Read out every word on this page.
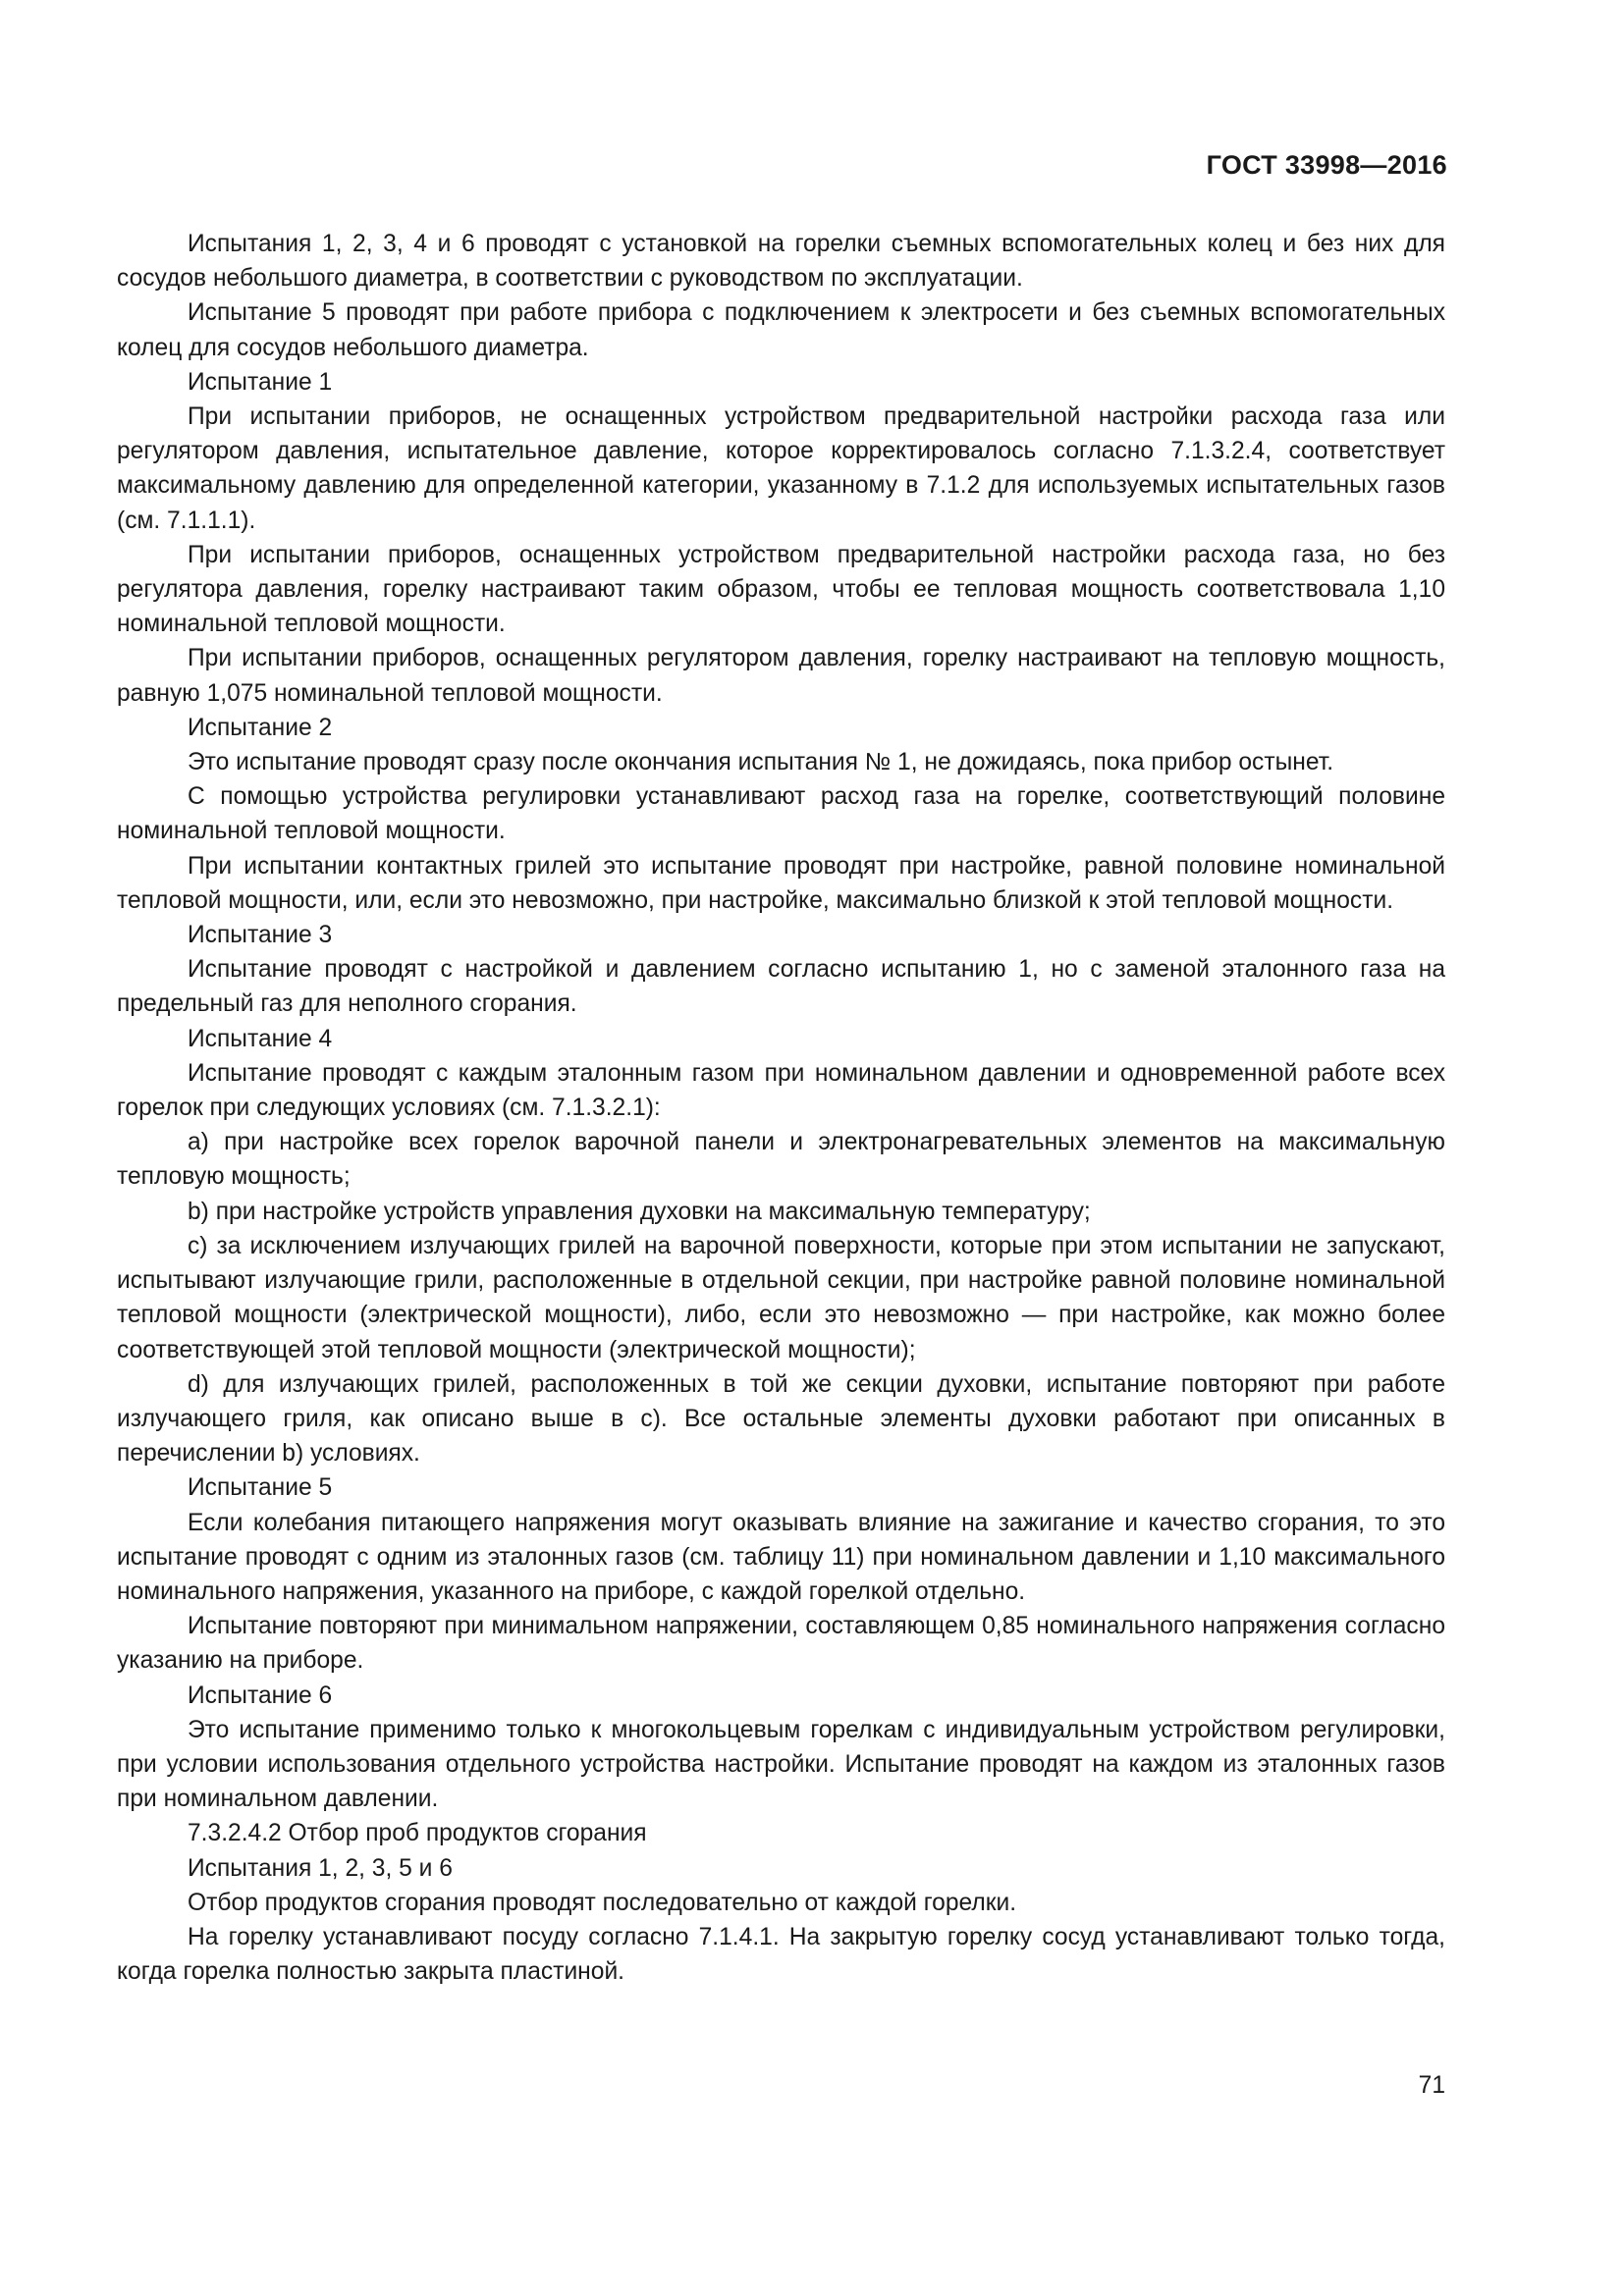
ГОСТ 33998—2016

Испытания 1, 2, 3, 4 и 6 проводят с установкой на горелки съемных вспомогательных колец и без них для сосудов небольшого диаметра, в соответствии с руководством по эксплуатации.

Испытание 5 проводят при работе прибора с подключением к электросети и без съемных вспомогательных колец для сосудов небольшого диаметра.

Испытание 1

При испытании приборов, не оснащенных устройством предварительной настройки расхода газа или регулятором давления, испытательное давление, которое корректировалось согласно 7.1.3.2.4, соответствует максимальному давлению для определенной категории, указанному в 7.1.2 для используемых испытательных газов (см. 7.1.1.1).

При испытании приборов, оснащенных устройством предварительной настройки расхода газа, но без регулятора давления, горелку настраивают таким образом, чтобы ее тепловая мощность соответствовала 1,10 номинальной тепловой мощности.

При испытании приборов, оснащенных регулятором давления, горелку настраивают на тепловую мощность, равную 1,075 номинальной тепловой мощности.

Испытание 2

Это испытание проводят сразу после окончания испытания № 1, не дожидаясь, пока прибор остынет.

С помощью устройства регулировки устанавливают расход газа на горелке, соответствующий половине номинальной тепловой мощности.

При испытании контактных грилей это испытание проводят при настройке, равной половине номинальной тепловой мощности, или, если это невозможно, при настройке, максимально близкой к этой тепловой мощности.

Испытание 3

Испытание проводят с настройкой и давлением согласно испытанию 1, но с заменой эталонного газа на предельный газ для неполного сгорания.

Испытание 4

Испытание проводят с каждым эталонным газом при номинальном давлении и одновременной работе всех горелок при следующих условиях (см. 7.1.3.2.1):

a) при настройке всех горелок варочной панели и электронагревательных элементов на максимальную тепловую мощность;

b) при настройке устройств управления духовки на максимальную температуру;

c) за исключением излучающих грилей на варочной поверхности, которые при этом испытании не запускают, испытывают излучающие грили, расположенные в отдельной секции, при настройке равной половине номинальной тепловой мощности (электрической мощности), либо, если это невозможно — при настройке, как можно более соответствующей этой тепловой мощности (электрической мощности);

d) для излучающих грилей, расположенных в той же секции духовки, испытание повторяют при работе излучающего гриля, как описано выше в c). Все остальные элементы духовки работают при описанных в перечислении b) условиях.

Испытание 5

Если колебания питающего напряжения могут оказывать влияние на зажигание и качество сгорания, то это испытание проводят с одним из эталонных газов (см. таблицу 11) при номинальном давлении и 1,10 максимального номинального напряжения, указанного на приборе, с каждой горелкой отдельно.

Испытание повторяют при минимальном напряжении, составляющем 0,85 номинального напряжения согласно указанию на приборе.

Испытание 6

Это испытание применимо только к многокольцевым горелкам с индивидуальным устройством регулировки, при условии использования отдельного устройства настройки. Испытание проводят на каждом из эталонных газов при номинальном давлении.

7.3.2.4.2 Отбор проб продуктов сгорания

Испытания 1, 2, 3, 5 и 6

Отбор продуктов сгорания проводят последовательно от каждой горелки.

На горелку устанавливают посуду согласно 7.1.4.1. На закрытую горелку сосуд устанавливают только тогда, когда горелка полностью закрыта пластиной.

71
